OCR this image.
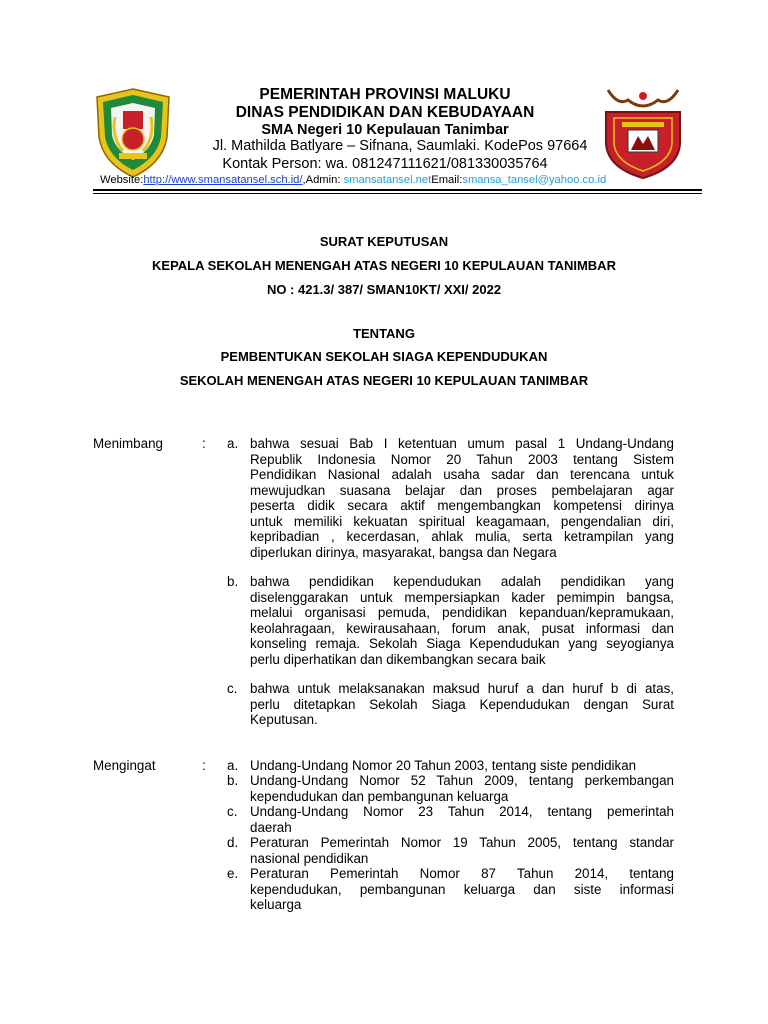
PEMERINTAH PROVINSI MALUKU
DINAS PENDIDIKAN DAN KEBUDAYAAN
SMA Negeri 10 Kepulauan Tanimbar
Jl. Mathilda Batlyare – Sifnana, Saumlaki. KodePos 97664
Kontak Person: wa. 081247111621/081330035764
Website:http://www.smansatansel.sch.id/,Admin: smansatansel.netEmail:smansa_tansel@yahoo.co.id
SURAT KEPUTUSAN
KEPALA SEKOLAH MENENGAH ATAS NEGERI 10 KEPULAUAN TANIMBAR
NO : 421.3/ 387/ SMAN10KT/ XXI/ 2022
TENTANG
PEMBENTUKAN SEKOLAH SIAGA KEPENDUDUKAN
SEKOLAH MENENGAH ATAS NEGERI 10 KEPULAUAN TANIMBAR
Menimbang	: a. bahwa sesuai Bab I ketentuan umum pasal 1 Undang-Undang
Republik Indonesia Nomor 20 Tahun 2003 tentang Sistem
Pendidikan Nasional adalah usaha sadar dan terencana untuk
mewujudkan suasana belajar dan proses pembelajaran agar
peserta didik secara aktif mengembangkan kompetensi dirinya
untuk memiliki kekuatan spiritual keagamaan, pengendalian diri,
kepribadian , kecerdasan, ahlak mulia, serta ketrampilan yang
diperlukan dirinya, masyarakat, bangsa dan Negara
b. bahwa pendidikan kependudukan adalah pendidikan yang
diselenggarakan untuk mempersiapkan kader pemimpin bangsa,
melalui organisasi pemuda, pendidikan kepanduan/kepramukaan,
keolahragaan, kewirausahaan, forum anak, pusat informasi dan
konseling remaja. Sekolah Siaga Kependudukan yang seyogianya
perlu diperhatikan dan dikembangkan secara baik
c. bahwa untuk melaksanakan maksud huruf a dan huruf b di atas,
perlu ditetapkan Sekolah Siaga Kependudukan dengan Surat
Keputusan.
Mengingat	: a. Undang-Undang Nomor 20 Tahun 2003, tentang siste pendidikan
b. Undang-Undang Nomor 52 Tahun 2009, tentang perkembangan
kependudukan dan pembangunan keluarga
c. Undang-Undang Nomor 23 Tahun 2014, tentang pemerintah
daerah
d. Peraturan Pemerintah Nomor 19 Tahun 2005, tentang standar
nasional pendidikan
e. Peraturan Pemerintah Nomor 87 Tahun 2014, tentang
kependudukan, pembangunan keluarga dan siste informasi
keluarga
